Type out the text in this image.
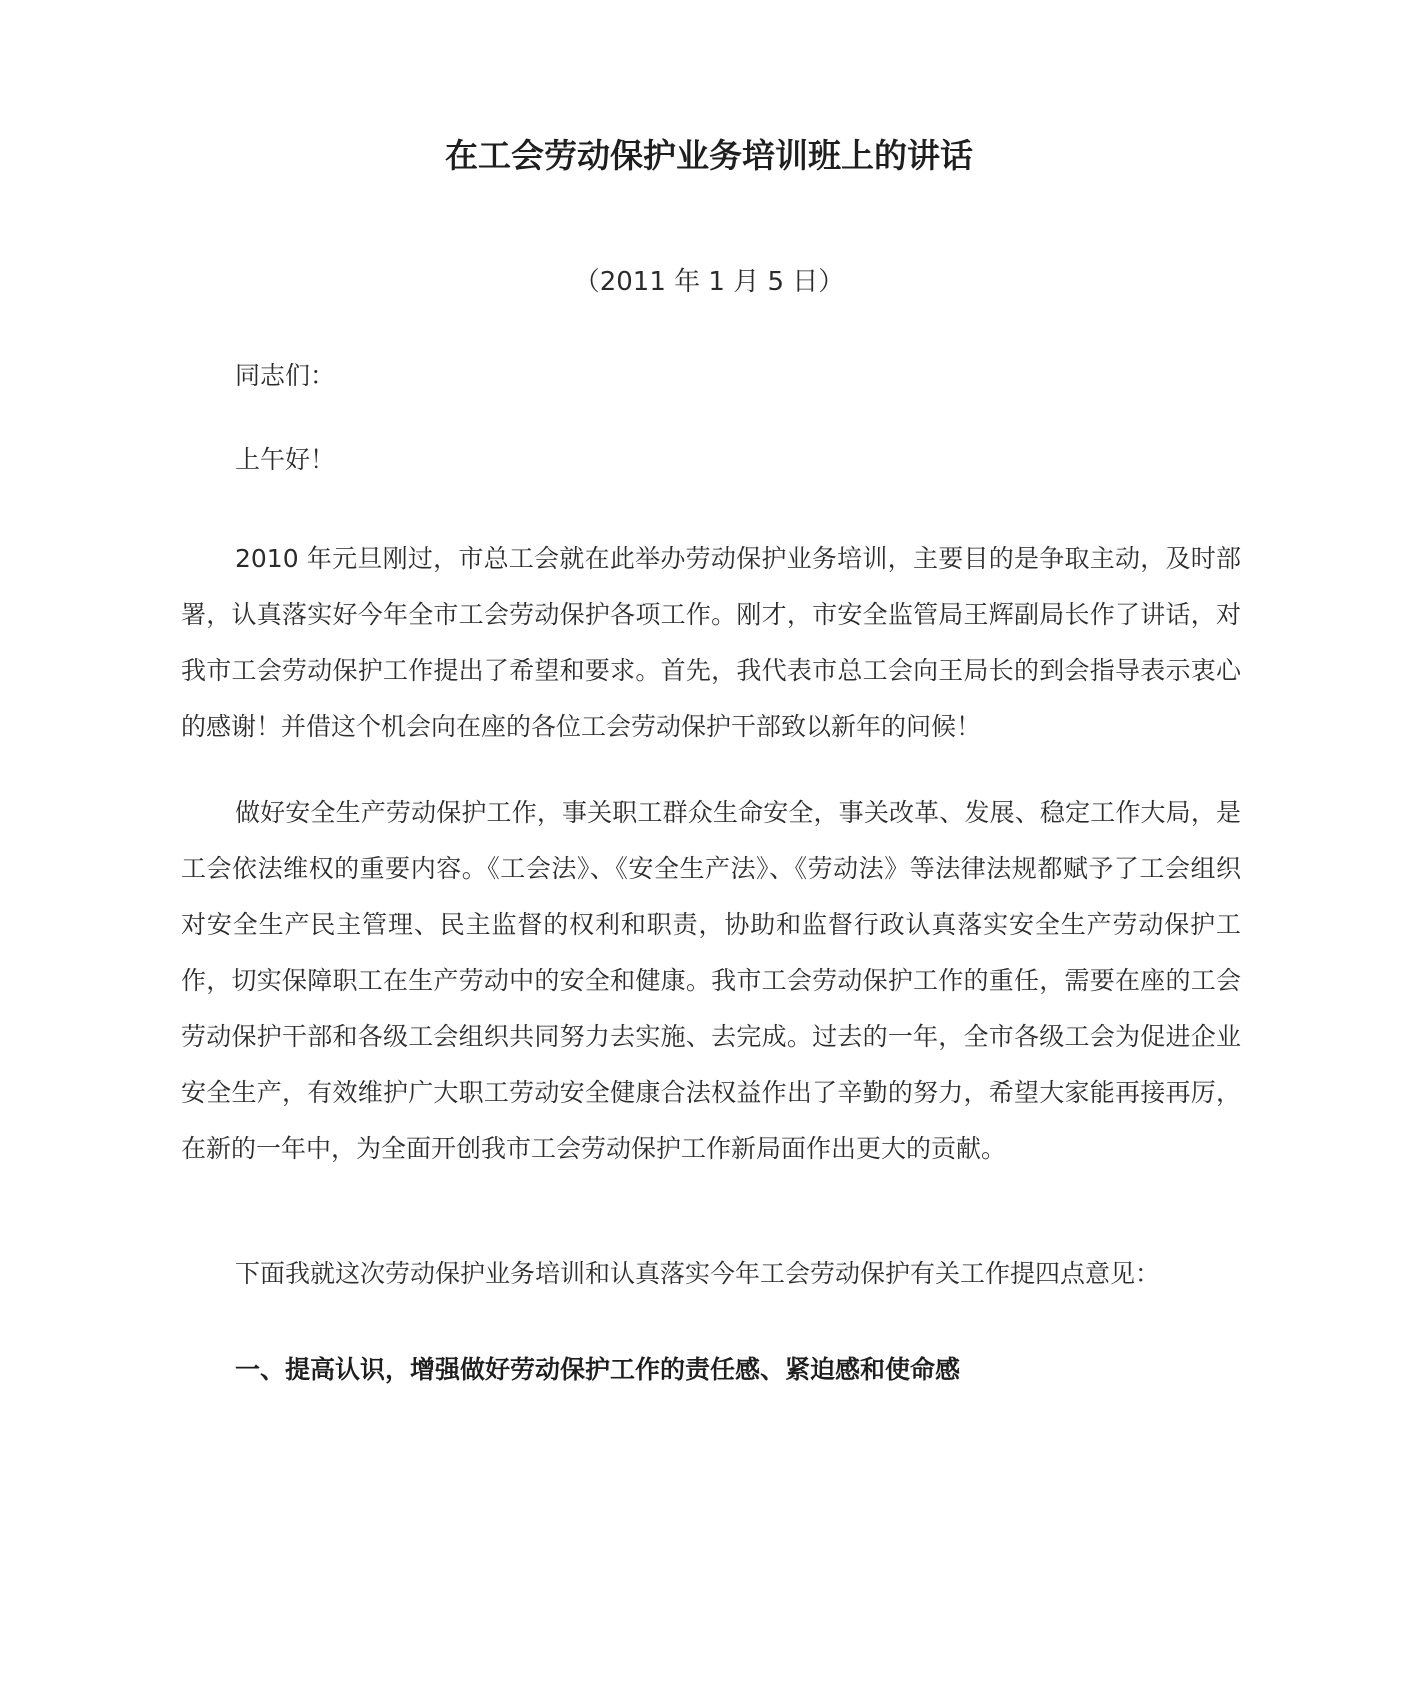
在工会劳动保护业务培训班上的讲话
（2011 年 1 月 5 日）

同志们：

上午好！

2010 年元旦刚过，市总工会就在此举办劳动保护业务培训，主要目的是争取主动，及时部署，认真落实好今年全市工会劳动保护各项工作。刚才，市安全监管局王辉副局长作了讲话，对我市工会劳动保护工作提出了希望和要求。首先，我代表市总工会向王局长的到会指导表示衷心的感谢！并借这个机会向在座的各位工会劳动保护干部致以新年的问候！

做好安全生产劳动保护工作，事关职工群众生命安全，事关改革、发展、稳定工作大局，是工会依法维权的重要内容。《工会法》、《安全生产法》、《劳动法》等法律法规都赋予了工会组织对安全生产民主管理、民主监督的权利和职责，协助和监督行政认真落实安全生产劳动保护工作，切实保障职工在生产劳动中的安全和健康。我市工会劳动保护工作的重任，需要在座的工会劳动保护干部和各级工会组织共同努力去实施、去完成。过去的一年，全市各级工会为促进企业安全生产，有效维护广大职工劳动安全健康合法权益作出了辛勤的努力，希望大家能再接再厉，在新的一年中，为全面开创我市工会劳动保护工作新局面作出更大的贡献。

下面我就这次劳动保护业务培训和认真落实今年工会劳动保护有关工作提四点意见：

一、提高认识，增强做好劳动保护工作的责任感、紧迫感和使命感
